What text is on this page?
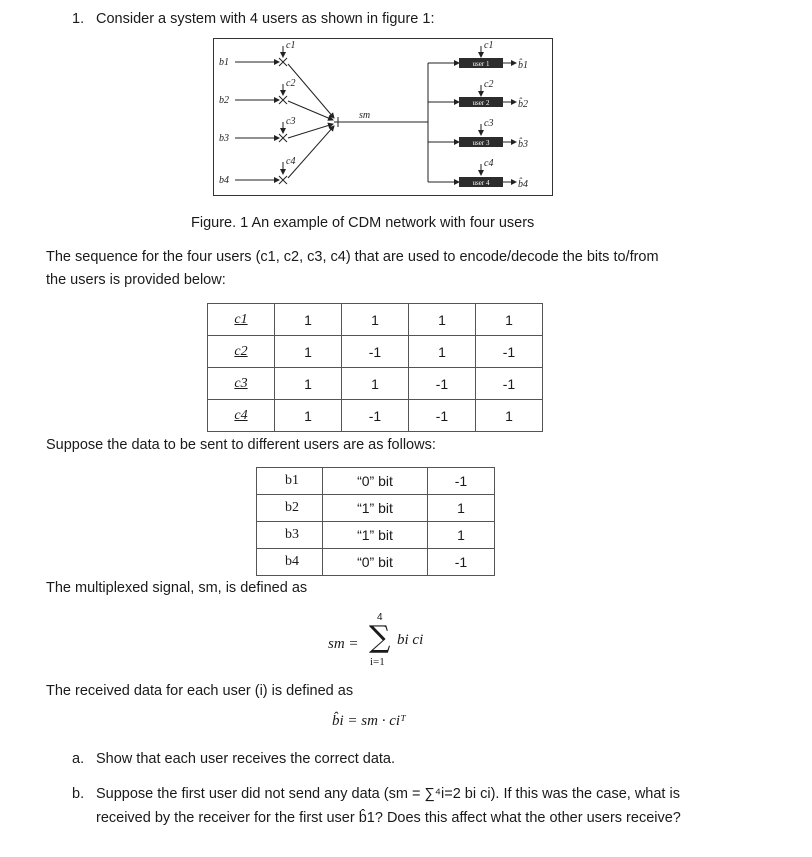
1. Consider a system with 4 users as shown in figure 1:
user 1
user 2
user 3
user 4
b1
b2
b3
b4
c1
c2
c3
c4
sm
c1
c2
c3
c4
b̂1
b̂2
b̂3
b̂4
Figure. 1 An example of CDM network with four users
The sequence for the four users (c1, c2, c3, c4) that are used to encode/decode the bits to/from
the users is provided below:
c1	1	1	1	1
c2	1	-1	1	-1
c3	1	1	-1	-1
c4	1	-1	-1	1
Suppose the data to be sent to different users are as follows:
b1	“0” bit	-1
b2	“1” bit	1
b3	“1” bit	1
b4	“0” bit	-1
The multiplexed signal, sm, is defined as
sm =
4
∑
i=1
bi ci
The received data for each user (i) is defined as
b̂i = sm · ciᵀ
a. Show that each user receives the correct data.
b. Suppose the first user did not send any data (sm = ∑⁴i=2 bi ci). If this was the case, what is
received by the receiver for the first user b̂1? Does this affect what the other users receive?
